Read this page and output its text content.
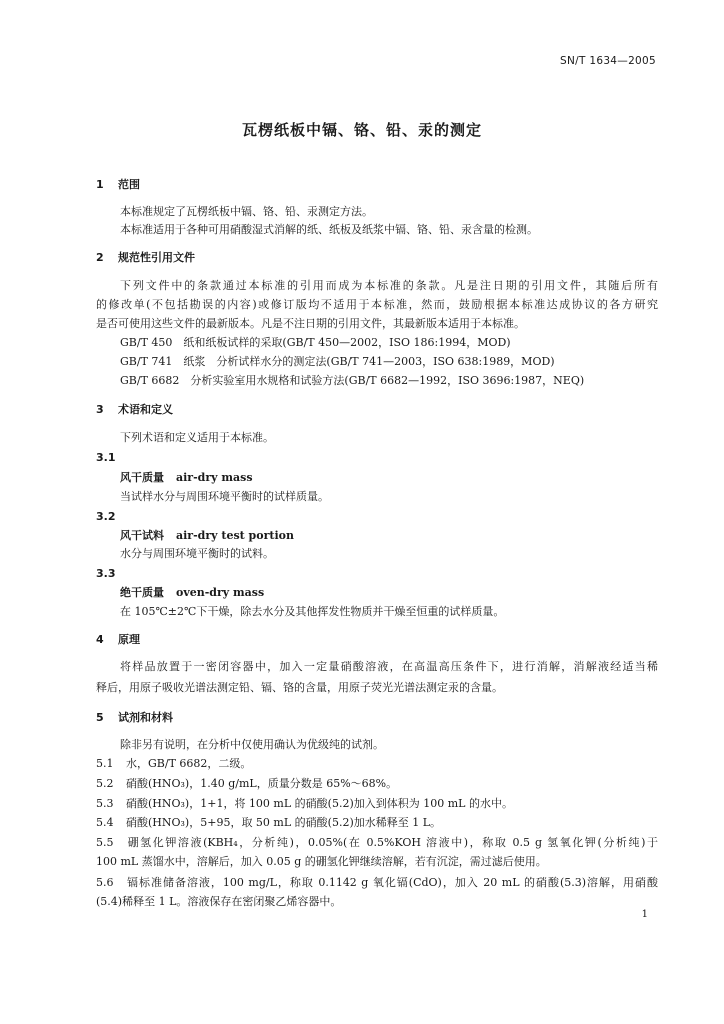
SN/T 1634—2005
瓦楞纸板中镉、铬、铅、汞的测定
1 范围
本标准规定了瓦楞纸板中镉、铬、铅、汞测定方法。
本标准适用于各种可用硝酸湿式消解的纸、纸板及纸浆中镉、铬、铅、汞含量的检测。
2 规范性引用文件
下列文件中的条款通过本标准的引用而成为本标准的条款。凡是注日期的引用文件，其随后所有
的修改单(不包括勘误的内容)或修订版均不适用于本标准，然而，鼓励根据本标准达成协议的各方研究
是否可使用这些文件的最新版本。凡是不注日期的引用文件，其最新版本适用于本标准。
GB/T 450　纸和纸板试样的采取(GB/T 450—2002，ISO 186:1994，MOD)
GB/T 741　纸浆　分析试样水分的测定法(GB/T 741—2003，ISO 638:1989，MOD)
GB/T 6682　分析实验室用水规格和试验方法(GB/T 6682—1992，ISO 3696:1987，NEQ)
3 术语和定义
下列术语和定义适用于本标准。
3.1
风干质量 air-dry mass
当试样水分与周围环境平衡时的试样质量。
3.2
风干试料 air-dry test portion
水分与周围环境平衡时的试料。
3.3
绝干质量 oven-dry mass
在 105℃±2℃下干燥，除去水分及其他挥发性物质并干燥至恒重的试样质量。
4 原理
将样品放置于一密闭容器中，加入一定量硝酸溶液，在高温高压条件下，进行消解，消解液经适当稀
释后，用原子吸收光谱法测定铅、镉、铬的含量，用原子荧光光谱法测定汞的含量。
5 试剂和材料
除非另有说明，在分析中仅使用确认为优级纯的试剂。
5.1 水，GB/T 6682，二级。
5.2 硝酸(HNO₃)，1.40 g/mL，质量分数是 65%～68%。
5.3 硝酸(HNO₃)，1+1，将 100 mL 的硝酸(5.2)加入到体积为 100 mL 的水中。
5.4 硝酸(HNO₃)，5+95，取 50 mL 的硝酸(5.2)加水稀释至 1 L。
5.5 硼氢化钾溶液(KBH₄，分析纯)，0.05%(在 0.5%KOH 溶液中)，称取 0.5 g 氢氧化钾(分析纯)于
100 mL 蒸馏水中，溶解后，加入 0.05 g 的硼氢化钾继续溶解，若有沉淀，需过滤后使用。
5.6 镉标准储备溶液，100 mg/L，称取 0.1142 g 氧化镉(CdO)，加入 20 mL 的硝酸(5.3)溶解，用硝酸
(5.4)稀释至 1 L。溶液保存在密闭聚乙烯容器中。
1
